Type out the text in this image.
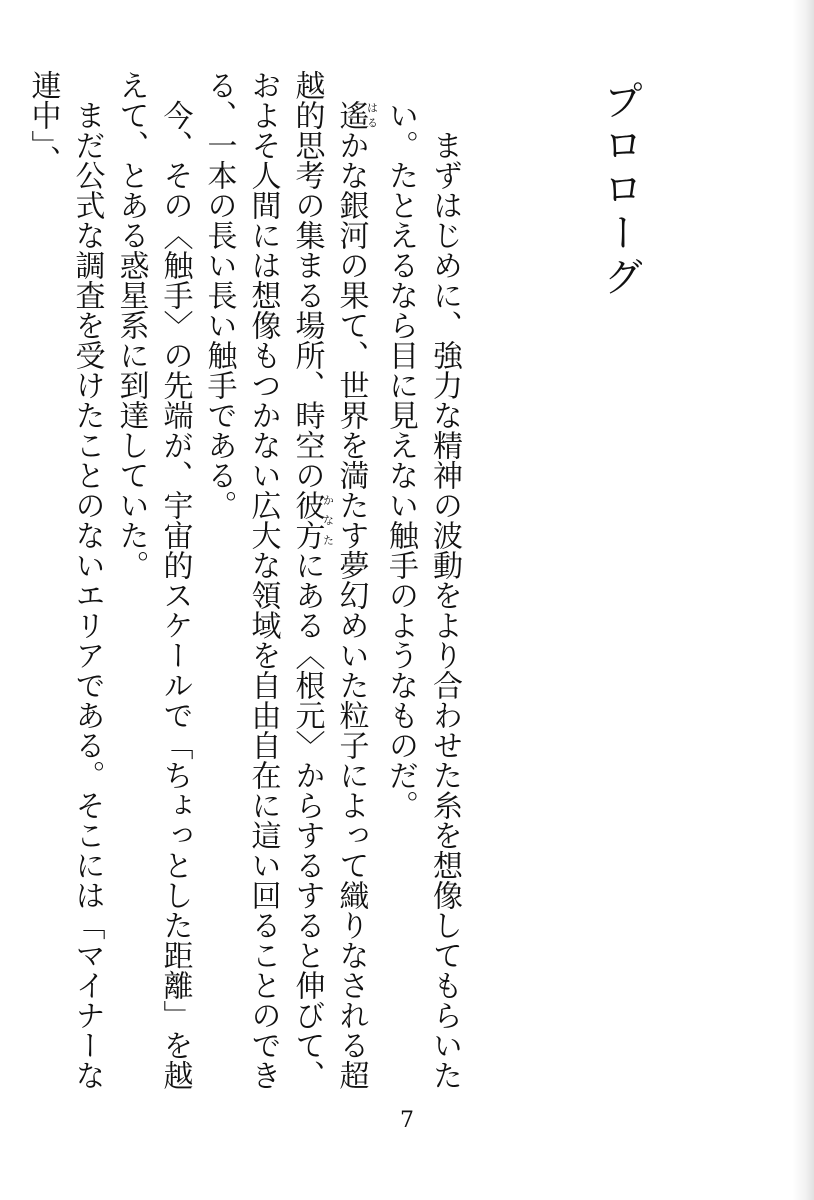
プロローグ

まずはじめに、強力な精神の波動をより合わせた糸を想像してもらいたい。たとえるなら目に見えない触手のようなものだ。

遙はるかな銀河の果て、世界を満たす夢幻めいた粒子によって織りなされる超越的思考の集まる場所、時空の彼方かなたにある〈根元〉からするすると伸びて、およそ人間には想像もつかない広大な領域を自由自在に這い回ることのできる、一本の長い長い触手である。

今、その〈触手〉の先端が、宇宙的スケールで「ちょっとした距離」を越えて、とある惑星系に到達していた。

まだ公式な調査を受けたことのないエリアである。そこには「マイナーな連中」、

7
